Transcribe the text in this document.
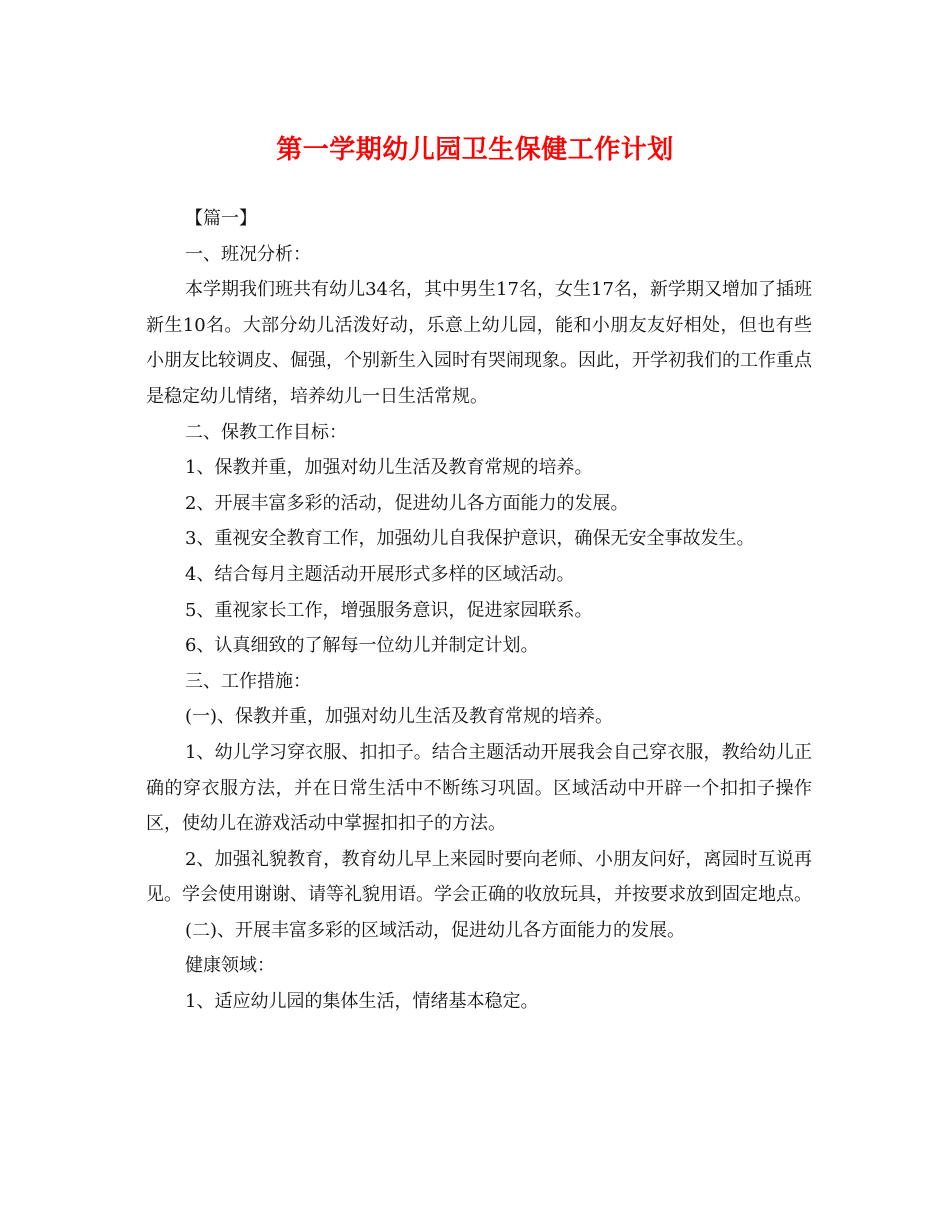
第一学期幼儿园卫生保健工作计划

【篇一】

一、班况分析：

本学期我们班共有幼儿34名，其中男生17名，女生17名，新学期又增加了插班新生10名。大部分幼儿活泼好动，乐意上幼儿园，能和小朋友友好相处，但也有些小朋友比较调皮、倔强，个别新生入园时有哭闹现象。因此，开学初我们的工作重点是稳定幼儿情绪，培养幼儿一日生活常规。

二、保教工作目标：

1、保教并重，加强对幼儿生活及教育常规的培养。

2、开展丰富多彩的活动，促进幼儿各方面能力的发展。

3、重视安全教育工作，加强幼儿自我保护意识，确保无安全事故发生。

4、结合每月主题活动开展形式多样的区域活动。

5、重视家长工作，增强服务意识，促进家园联系。

6、认真细致的了解每一位幼儿并制定计划。

三、工作措施：

(一)、保教并重，加强对幼儿生活及教育常规的培养。

1、幼儿学习穿衣服、扣扣子。结合主题活动开展我会自己穿衣服，教给幼儿正确的穿衣服方法，并在日常生活中不断练习巩固。区域活动中开辟一个扣扣子操作区，使幼儿在游戏活动中掌握扣扣子的方法。

2、加强礼貌教育，教育幼儿早上来园时要向老师、小朋友问好，离园时互说再见。学会使用谢谢、请等礼貌用语。学会正确的收放玩具，并按要求放到固定地点。

(二)、开展丰富多彩的区域活动，促进幼儿各方面能力的发展。

健康领域：

1、适应幼儿园的集体生活，情绪基本稳定。
